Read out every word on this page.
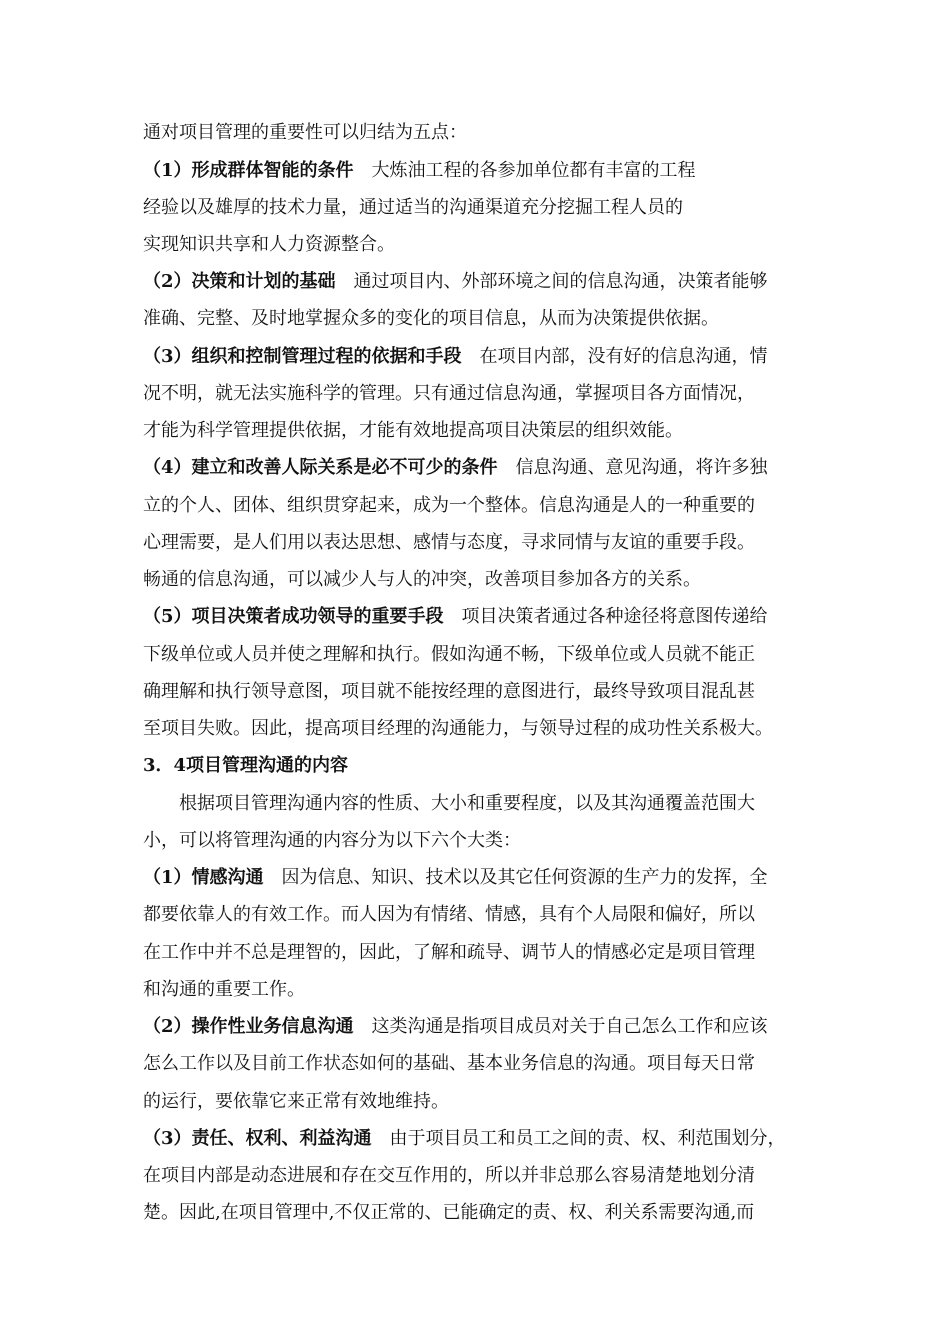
通对项目管理的重要性可以归结为五点：
（1）形成群体智能的条件　大炼油工程的各参加单位都有丰富的工程
经验以及雄厚的技术力量，通过适当的沟通渠道充分挖掘工程人员的
实现知识共享和人力资源整合。
（2）决策和计划的基础　通过项目内、外部环境之间的信息沟通，决策者能够
准确、完整、及时地掌握众多的变化的项目信息，从而为决策提供依据。
（3）组织和控制管理过程的依据和手段　在项目内部，没有好的信息沟通，情
况不明，就无法实施科学的管理。只有通过信息沟通，掌握项目各方面情况，
才能为科学管理提供依据，才能有效地提高项目决策层的组织效能。
（4）建立和改善人际关系是必不可少的条件　信息沟通、意见沟通，将许多独
立的个人、团体、组织贯穿起来，成为一个整体。信息沟通是人的一种重要的
心理需要，是人们用以表达思想、感情与态度，寻求同情与友谊的重要手段。
畅通的信息沟通，可以减少人与人的冲突，改善项目参加各方的关系。
（5）项目决策者成功领导的重要手段　项目决策者通过各种途径将意图传递给
下级单位或人员并使之理解和执行。假如沟通不畅，下级单位或人员就不能正
确理解和执行领导意图，项目就不能按经理的意图进行，最终导致项目混乱甚
至项目失败。因此，提高项目经理的沟通能力，与领导过程的成功性关系极大。
3．4项目管理沟通的内容
　　根据项目管理沟通内容的性质、大小和重要程度，以及其沟通覆盖范围大
小，可以将管理沟通的内容分为以下六个大类：
（1）情感沟通　因为信息、知识、技术以及其它任何资源的生产力的发挥，全
都要依靠人的有效工作。而人因为有情绪、情感，具有个人局限和偏好，所以
在工作中并不总是理智的，因此，了解和疏导、调节人的情感必定是项目管理
和沟通的重要工作。
（2）操作性业务信息沟通　这类沟通是指项目成员对关于自己怎么工作和应该
怎么工作以及目前工作状态如何的基础、基本业务信息的沟通。项目每天日常
的运行，要依靠它来正常有效地维持。
（3）责任、权利、利益沟通　由于项目员工和员工之间的责、权、利范围划分，
在项目内部是动态进展和存在交互作用的，所以并非总那么容易清楚地划分清
楚。因此,在项目管理中,不仅正常的、已能确定的责、权、利关系需要沟通,而
